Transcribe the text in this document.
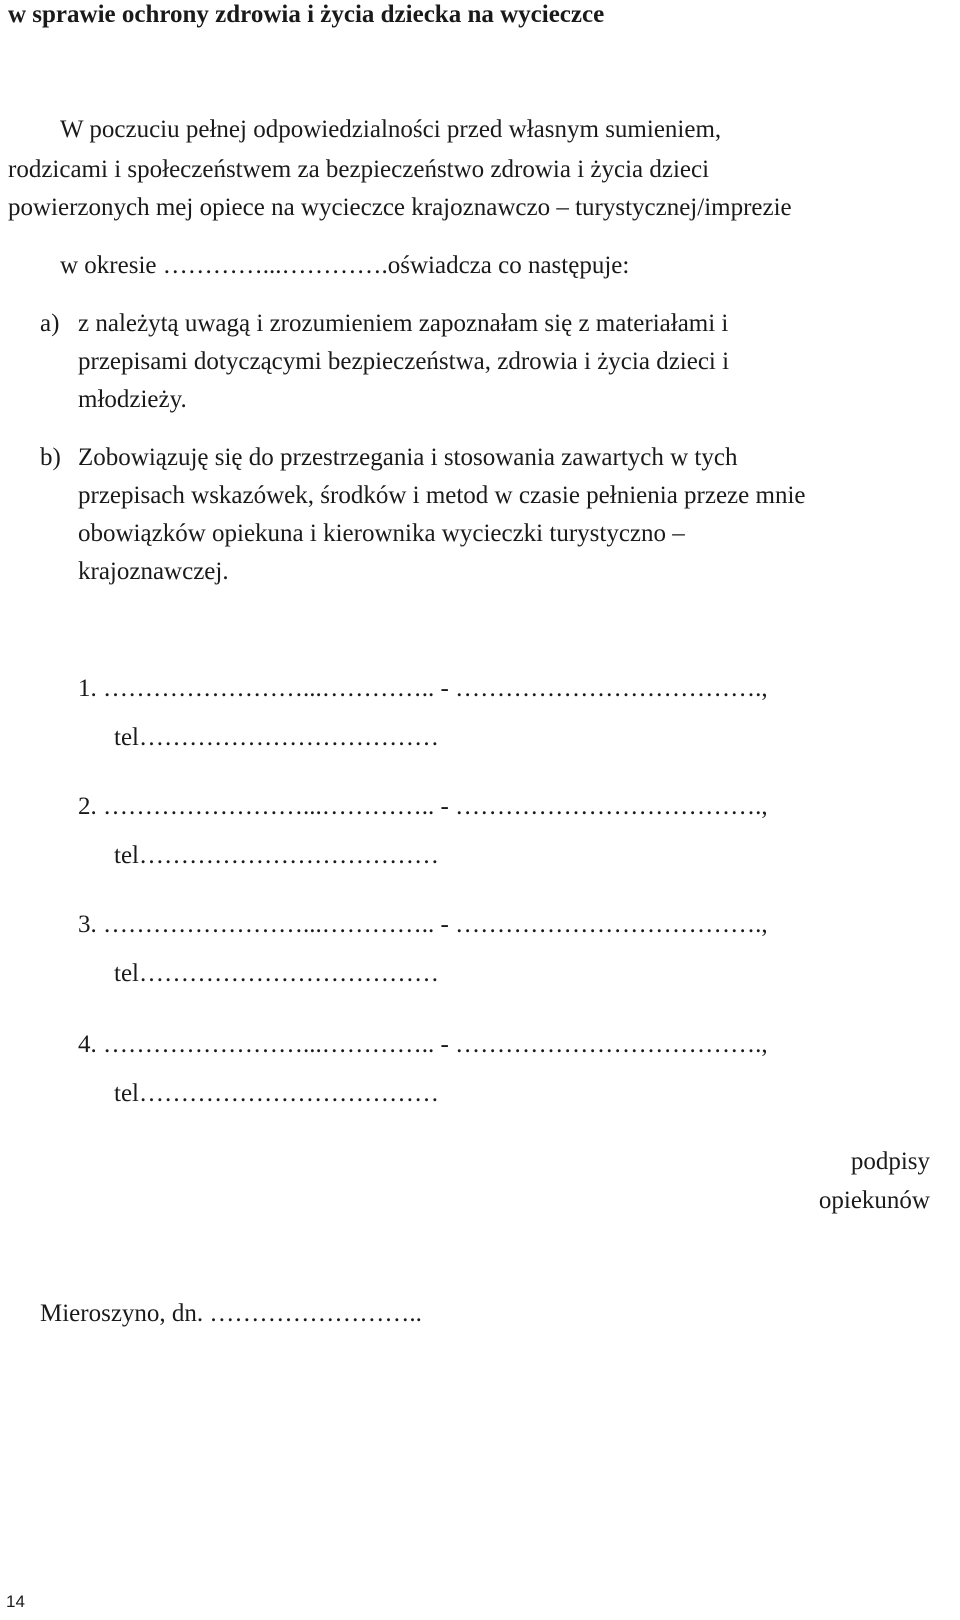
w sprawie ochrony zdrowia i życia dziecka na wycieczce
W poczuciu pełnej odpowiedzialności przed własnym sumieniem,
rodzicami i społeczeństwem za bezpieczeństwo zdrowia i życia dzieci
powierzonych mej opiece na wycieczce krajoznawczo – turystycznej/imprezie
w okresie …………...………….oświadcza co następuje:
a) z należytą uwagą i zrozumieniem zapoznałam się z materiałami i
przepisami dotyczącymi bezpieczeństwa, zdrowia i życia dzieci i
młodzieży.
b) Zobowiązuję się do przestrzegania i stosowania zawartych w tych
przepisach wskazówek, środków i metod w czasie pełnienia przeze mnie
obowiązków opiekuna i kierownika wycieczki turystyczno –
krajoznawczej.
1. ……………………...………….. - ……………………………….,
tel………………………………
2. ……………………...………….. - ……………………………….,
tel………………………………
3. ……………………...………….. - ……………………………….,
tel………………………………
4. ……………………...………….. - ……………………………….,
tel………………………………
podpisy
opiekunów
Mieroszyno, dn. ……………………..
14
